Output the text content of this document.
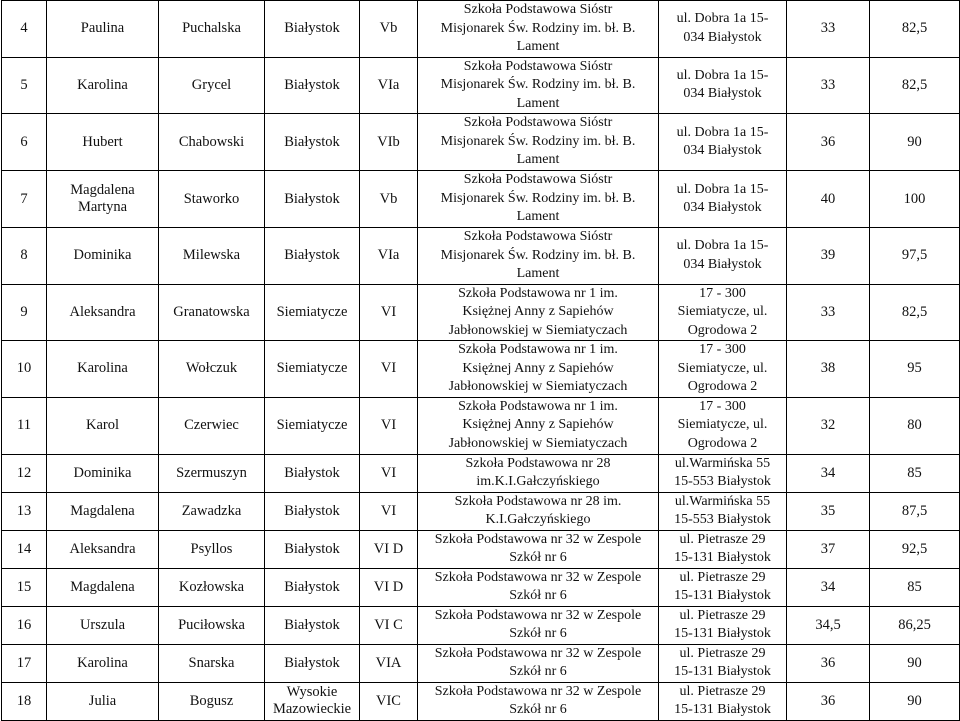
4	Paulina	Puchalska	Białystok	Vb	Szkoła Podstawowa Sióstr
Misjonarek Św. Rodziny im. bł. B.
Lament	ul. Dobra 1a 15-
034 Białystok	33	82,5
5	Karolina	Grycel	Białystok	VIa	Szkoła Podstawowa Sióstr
Misjonarek Św. Rodziny im. bł. B.
Lament	ul. Dobra 1a 15-
034 Białystok	33	82,5
6	Hubert	Chabowski	Białystok	VIb	Szkoła Podstawowa Sióstr
Misjonarek Św. Rodziny im. bł. B.
Lament	ul. Dobra 1a 15-
034 Białystok	36	90
7	Magdalena Martyna	Staworko	Białystok	Vb	Szkoła Podstawowa Sióstr
Misjonarek Św. Rodziny im. bł. B.
Lament	ul. Dobra 1a 15-
034 Białystok	40	100
8	Dominika	Milewska	Białystok	VIa	Szkoła Podstawowa Sióstr
Misjonarek Św. Rodziny im. bł. B.
Lament	ul. Dobra 1a 15-
034 Białystok	39	97,5
9	Aleksandra	Granatowska	Siemiatycze	VI	Szkoła Podstawowa nr 1 im.
Księżnej Anny z Sapiehów
Jabłonowskiej w Siemiatyczach	17 - 300
Siemiatycze, ul.
Ogrodowa 2	33	82,5
10	Karolina	Wołczuk	Siemiatycze	VI	Szkoła Podstawowa nr 1 im.
Księżnej Anny z Sapiehów
Jabłonowskiej w Siemiatyczach	17 - 300
Siemiatycze, ul.
Ogrodowa 2	38	95
11	Karol	Czerwiec	Siemiatycze	VI	Szkoła Podstawowa nr 1 im.
Księżnej Anny z Sapiehów
Jabłonowskiej w Siemiatyczach	17 - 300
Siemiatycze, ul.
Ogrodowa 2	32	80
12	Dominika	Szermuszyn	Białystok	VI	Szkoła Podstawowa nr 28
im.K.I.Gałczyńskiego	ul.Warmińska 55
15-553 Białystok	34	85
13	Magdalena	Zawadzka	Białystok	VI	Szkoła Podstawowa nr 28 im.
K.I.Gałczyńskiego	ul.Warmińska 55
15-553 Białystok	35	87,5
14	Aleksandra	Psyllos	Białystok	VI D	Szkoła Podstawowa nr 32 w Zespole
Szkół nr 6	ul. Pietrasze 29
15-131 Białystok	37	92,5
15	Magdalena	Kozłowska	Białystok	VI D	Szkoła Podstawowa nr 32 w Zespole
Szkół nr 6	ul. Pietrasze 29
15-131 Białystok	34	85
16	Urszula	Puciłowska	Białystok	VI C	Szkoła Podstawowa nr 32 w Zespole
Szkół nr 6	ul. Pietrasze 29
15-131 Białystok	34,5	86,25
17	Karolina	Snarska	Białystok	VIA	Szkoła Podstawowa nr 32 w Zespole
Szkół nr 6	ul. Pietrasze 29
15-131 Białystok	36	90
18	Julia	Bogusz	Wysokie Mazowieckie	VIC	Szkoła Podstawowa nr 32 w Zespole
Szkół nr 6	ul. Pietrasze 29
15-131 Białystok	36	90
